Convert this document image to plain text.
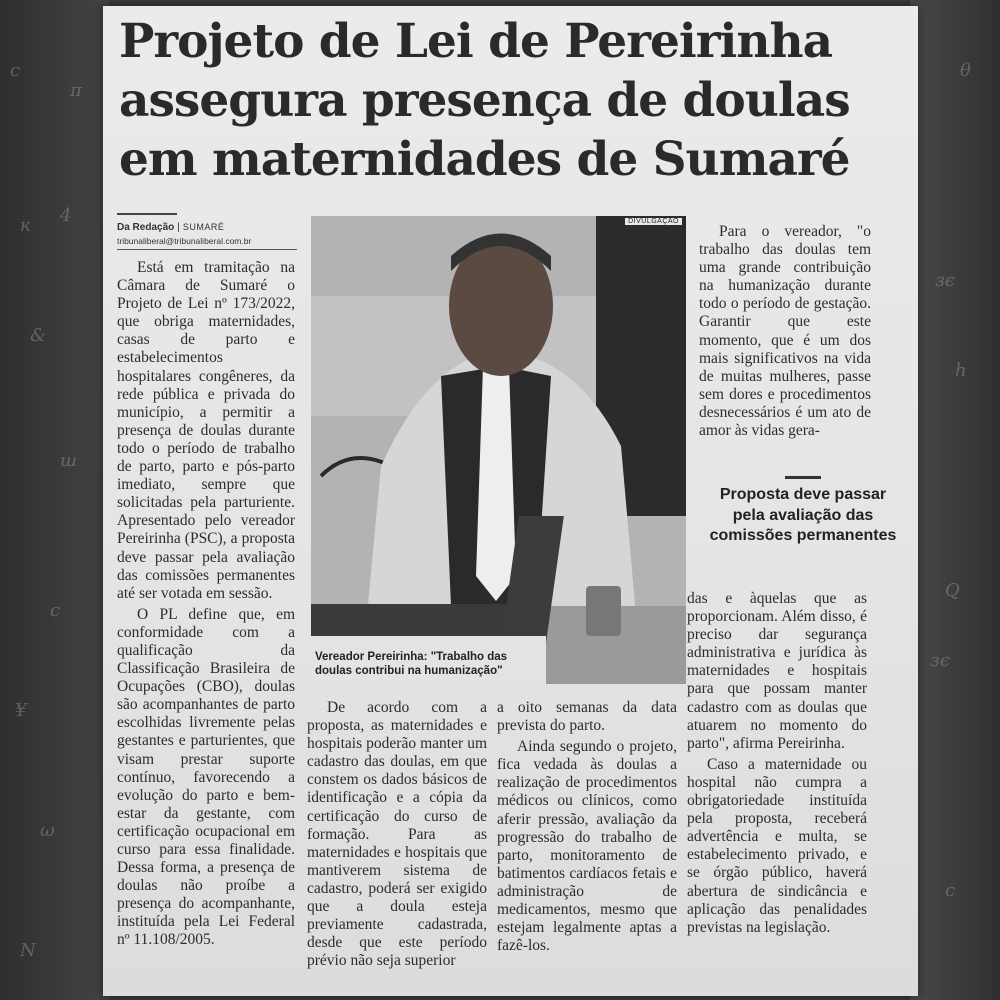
c
π
ĸ 4
&
ш
c
¥
ω
N
θ
зє
h
Q
зє
c
Projeto de Lei de Pereirinha
assegura presença de doulas
em maternidades de Sumaré
Da Redação | SUMARÉ
tribunaliberal@tribunaliberal.com.br

Está em tramitação na Câmara de Sumaré o Projeto de Lei nº 173/2022, que obriga maternidades, casas de parto e estabelecimentos hospitalares congêneres, da rede pública e privada do município, a permitir a presença de doulas durante todo o período de trabalho de parto, parto e pós-parto imediato, sempre que solicitadas pela parturiente. Apresentado pelo vereador Pereirinha (PSC), a proposta deve passar pela avaliação das comissões permanentes até ser votada em sessão.

O PL define que, em conformidade com a qualificação da Classificação Brasileira de Ocupações (CBO), doulas são acompanhantes de parto escolhidas livremente pelas gestantes e parturientes, que visam prestar suporte contínuo, favorecendo a evolução do parto e bem-estar da gestante, com certificação ocupacional em curso para essa finalidade. Dessa forma, a presença de doulas não proíbe a presença do acompanhante, instituída pela Lei Federal nº 11.108/2005.

DIVULGAÇÃO
Vereador Pereirinha: "Trabalho das doulas contribui na humanização"

De acordo com a proposta, as maternidades e hospitais poderão manter um cadastro das doulas, em que constem os dados básicos de identificação e a cópia da certificação do curso de formação. Para as maternidades e hospitais que mantiverem sistema de cadastro, poderá ser exigido que a doula esteja previamente cadastrada, desde que este período prévio não seja superior

a oito semanas da data prevista do parto.

Ainda segundo o projeto, fica vedada às doulas a realização de procedimentos médicos ou clínicos, como aferir pressão, avaliação da progressão do trabalho de parto, monitoramento de batimentos cardíacos fetais e administração de medicamentos, mesmo que estejam legalmente aptas a fazê-los.

Para o vereador, "o trabalho das doulas tem uma grande contribuição na humanização durante todo o período de gestação. Garantir que este momento, que é um dos mais significativos na vida de muitas mulheres, passe sem dores e procedimentos desnecessários é um ato de amor às vidas gera-

Proposta deve passar pela avaliação das comissões permanentes

das e àquelas que as proporcionam. Além disso, é preciso dar segurança administrativa e jurídica às maternidades e hospitais para que possam manter cadastro com as doulas que atuarem no momento do parto", afirma Pereirinha.

Caso a maternidade ou hospital não cumpra a obrigatoriedade instituída pela proposta, receberá advertência e multa, se estabelecimento privado, e se órgão público, haverá abertura de sindicância e aplicação das penalidades previstas na legislação.
